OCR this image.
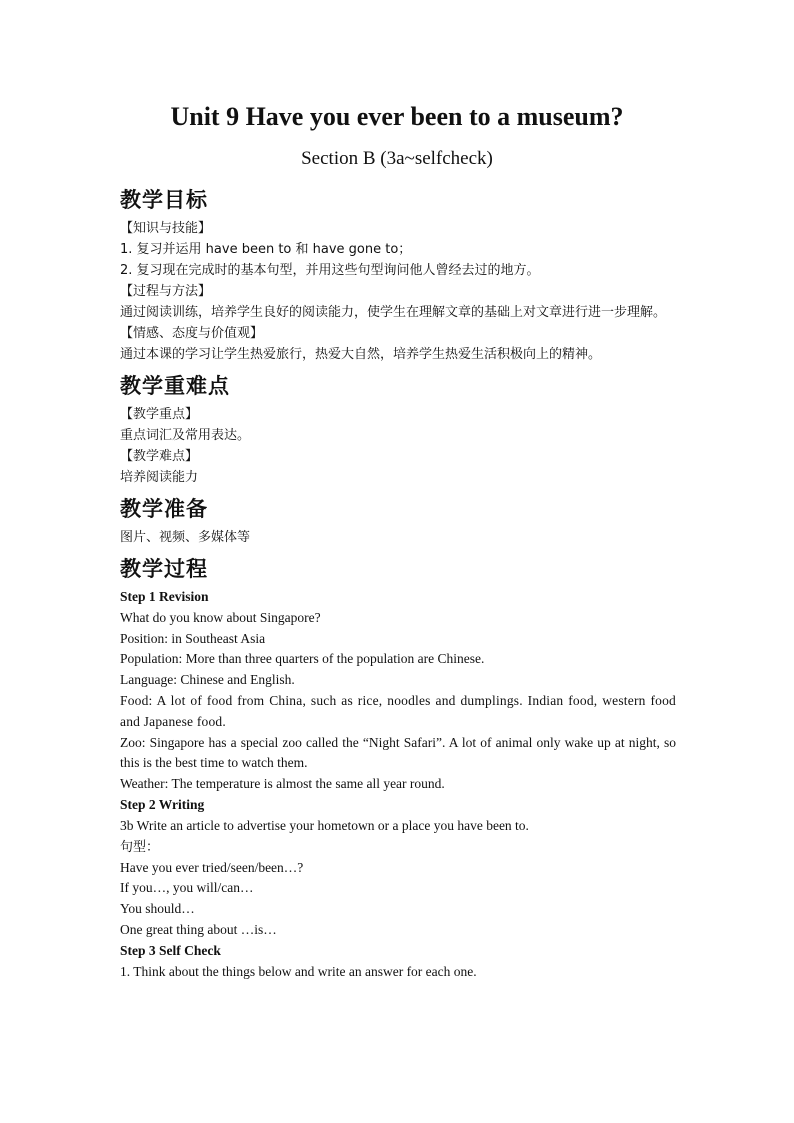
Unit 9 Have you ever been to a museum?
Section B (3a~selfcheck)
教学目标

【知识与技能】

1. 复习并运用 have been to 和 have gone to；

2. 复习现在完成时的基本句型，并用这些句型询问他人曾经去过的地方。

【过程与方法】

通过阅读训练，培养学生良好的阅读能力，使学生在理解文章的基础上对文章进行进一步理解。

【情感、态度与价值观】

通过本课的学习让学生热爱旅行，热爱大自然，培养学生热爱生活积极向上的精神。

教学重难点

【教学重点】

重点词汇及常用表达。

【教学难点】

培养阅读能力

教学准备

图片、视频、多媒体等

教学过程

Step 1 Revision

What do you know about Singapore?

Position: in Southeast Asia

Population: More than three quarters of the population are Chinese.

Language: Chinese and English.

Food: A lot of food from China, such as rice, noodles and dumplings. Indian food, western food and Japanese food.

Zoo: Singapore has a special zoo called the “Night Safari”. A lot of animal only wake up at night, so this is the best time to watch them.

Weather: The temperature is almost the same all year round.

Step 2 Writing

3b Write an article to advertise your hometown or a place you have been to.

句型：

Have you ever tried/seen/been…?

If you…, you will/can…

You should…

One great thing about …is…

Step 3 Self Check

1. Think about the things below and write an answer for each one.
